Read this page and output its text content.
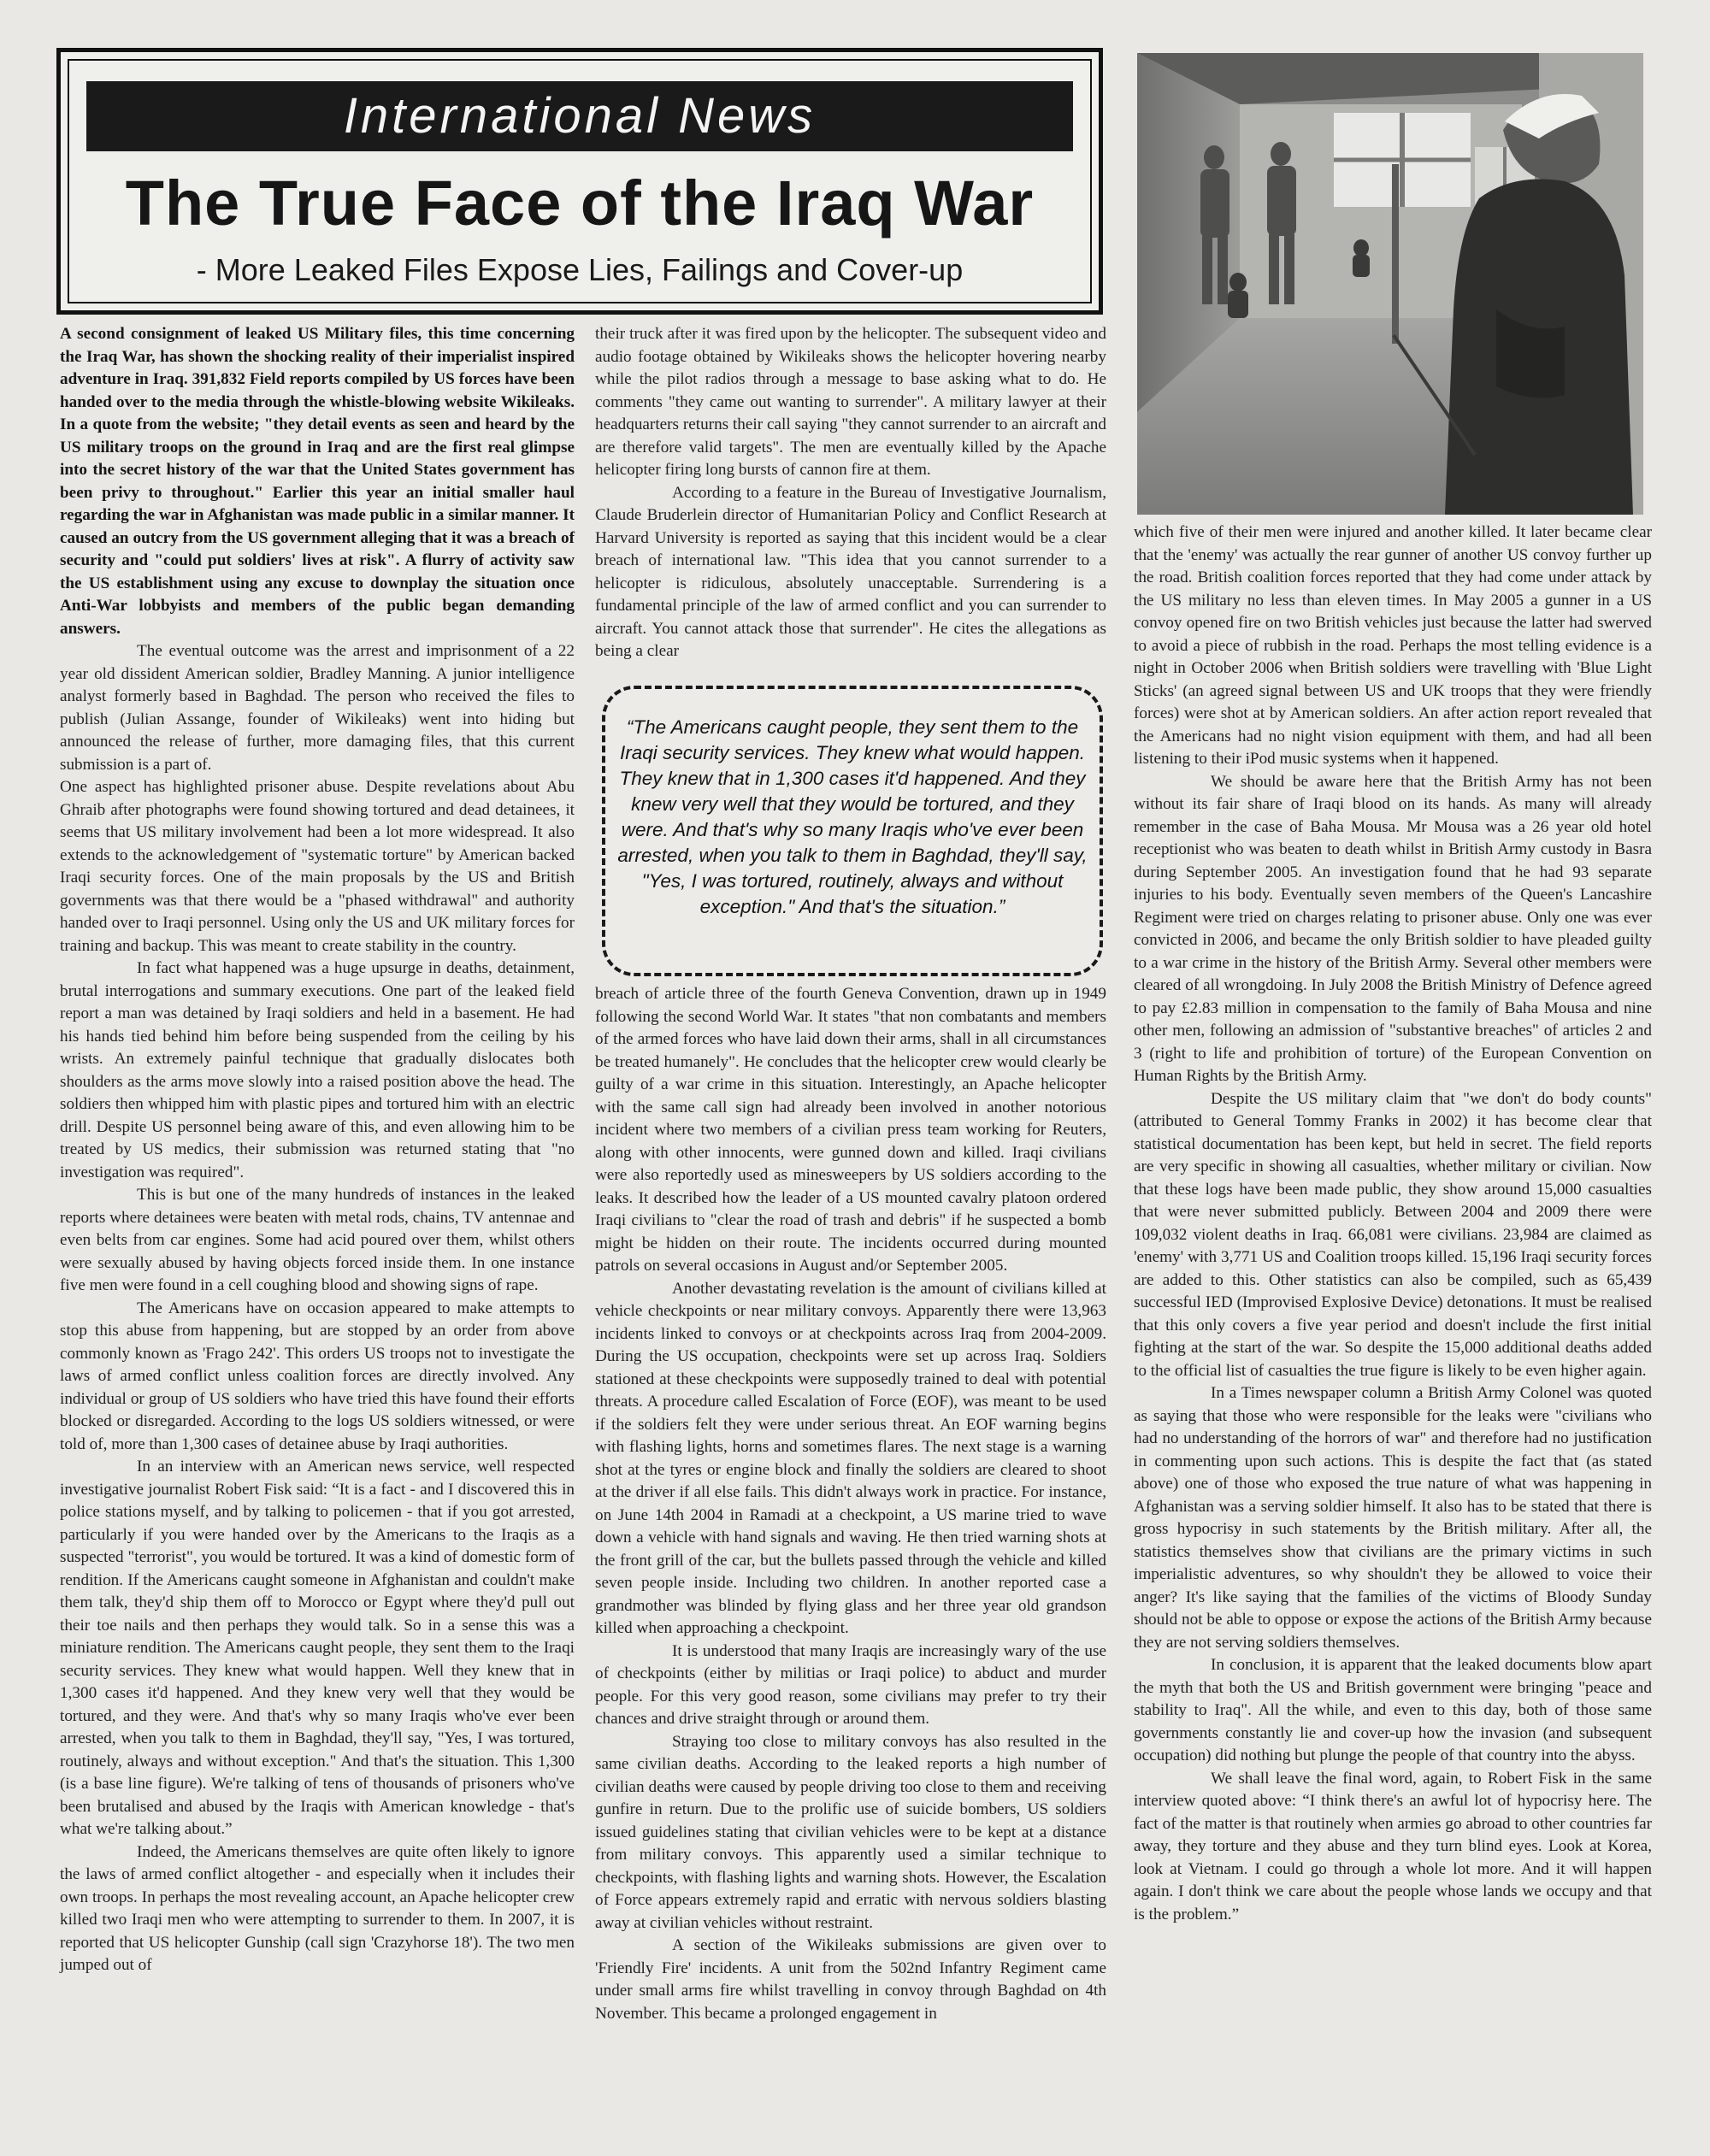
International News
The True Face of the Iraq War
- More Leaked Files Expose Lies, Failings and Cover-up

A second consignment of leaked US Military files, this time concerning the Iraq War, has shown the shocking reality of their imperialist inspired adventure in Iraq. 391,832 Field reports compiled by US forces have been handed over to the media through the whistle-blowing website Wikileaks. In a quote from the website; "they detail events as seen and heard by the US military troops on the ground in Iraq and are the first real glimpse into the secret history of the war that the United States government has been privy to throughout." Earlier this year an initial smaller haul regarding the war in Afghanistan was made public in a similar manner. It caused an outcry from the US government alleging that it was a breach of security and "could put soldiers' lives at risk". A flurry of activity saw the US establishment using any excuse to downplay the situation once Anti-War lobbyists and members of the public began demanding answers.

The eventual outcome was the arrest and imprisonment of a 22 year old dissident American soldier, Bradley Manning. A junior intelligence analyst formerly based in Baghdad. The person who received the files to publish (Julian Assange, founder of Wikileaks) went into hiding but announced the release of further, more damaging files, that this current submission is a part of.

One aspect has highlighted prisoner abuse. Despite revelations about Abu Ghraib after photographs were found showing tortured and dead detainees, it seems that US military involvement had been a lot more widespread. It also extends to the acknowledgement of "systematic torture" by American backed Iraqi security forces. One of the main proposals by the US and British governments was that there would be a "phased withdrawal" and authority handed over to Iraqi personnel. Using only the US and UK military forces for training and backup. This was meant to create stability in the country.

In fact what happened was a huge upsurge in deaths, detainment, brutal interrogations and summary executions. One part of the leaked field report a man was detained by Iraqi soldiers and held in a basement. He had his hands tied behind him before being suspended from the ceiling by his wrists. An extremely painful technique that gradually dislocates both shoulders as the arms move slowly into a raised position above the head. The soldiers then whipped him with plastic pipes and tortured him with an electric drill. Despite US personnel being aware of this, and even allowing him to be treated by US medics, their submission was returned stating that "no investigation was required".

This is but one of the many hundreds of instances in the leaked reports where detainees were beaten with metal rods, chains, TV antennae and even belts from car engines. Some had acid poured over them, whilst others were sexually abused by having objects forced inside them. In one instance five men were found in a cell coughing blood and showing signs of rape.

The Americans have on occasion appeared to make attempts to stop this abuse from happening, but are stopped by an order from above commonly known as 'Frago 242'. This orders US troops not to investigate the laws of armed conflict unless coalition forces are directly involved. Any individual or group of US soldiers who have tried this have found their efforts blocked or disregarded. According to the logs US soldiers witnessed, or were told of, more than 1,300 cases of detainee abuse by Iraqi authorities.

In an interview with an American news service, well respected investigative journalist Robert Fisk said: “It is a fact - and I discovered this in police stations myself, and by talking to policemen - that if you got arrested, particularly if you were handed over by the Americans to the Iraqis as a suspected "terrorist", you would be tortured. It was a kind of domestic form of rendition. If the Americans caught someone in Afghanistan and couldn't make them talk, they'd ship them off to Morocco or Egypt where they'd pull out their toe nails and then perhaps they would talk. So in a sense this was a miniature rendition. The Americans caught people, they sent them to the Iraqi security services. They knew what would happen. Well they knew that in 1,300 cases it'd happened. And they knew very well that they would be tortured, and they were. And that's why so many Iraqis who've ever been arrested, when you talk to them in Baghdad, they'll say, "Yes, I was tortured, routinely, always and without exception." And that's the situation. This 1,300 (is a base line figure). We're talking of tens of thousands of prisoners who've been brutalised and abused by the Iraqis with American knowledge - that's what we're talking about.”

Indeed, the Americans themselves are quite often likely to ignore the laws of armed conflict altogether - and especially when it includes their own troops. In perhaps the most revealing account, an Apache helicopter crew killed two Iraqi men who were attempting to surrender to them. In 2007, it is reported that US helicopter Gunship (call sign 'Crazyhorse 18'). The two men jumped out of

their truck after it was fired upon by the helicopter. The subsequent video and audio footage obtained by Wikileaks shows the helicopter hovering nearby while the pilot radios through a message to base asking what to do. He comments "they came out wanting to surrender". A military lawyer at their headquarters returns their call saying "they cannot surrender to an aircraft and are therefore valid targets". The men are eventually killed by the Apache helicopter firing long bursts of cannon fire at them.

According to a feature in the Bureau of Investigative Journalism, Claude Bruderlein director of Humanitarian Policy and Conflict Research at Harvard University is reported as saying that this incident would be a clear breach of international law. "This idea that you cannot surrender to a helicopter is ridiculous, absolutely unacceptable. Surrendering is a fundamental principle of the law of armed conflict and you can surrender to aircraft. You cannot attack those that surrender". He cites the allegations as being a clear

“The Americans caught people, they sent them to the Iraqi security services. They knew what would happen. They knew that in 1,300 cases it'd happened. And they knew very well that they would be tortured, and they were. And that's why so many Iraqis who've ever been arrested, when you talk to them in Baghdad, they'll say, "Yes, I was tortured, routinely, always and without exception." And that's the situation.”

breach of article three of the fourth Geneva Convention, drawn up in 1949 following the second World War. It states "that non combatants and members of the armed forces who have laid down their arms, shall in all circumstances be treated humanely". He concludes that the helicopter crew would clearly be guilty of a war crime in this situation. Interestingly, an Apache helicopter with the same call sign had already been involved in another notorious incident where two members of a civilian press team working for Reuters, along with other innocents, were gunned down and killed. Iraqi civilians were also reportedly used as minesweepers by US soldiers according to the leaks. It described how the leader of a US mounted cavalry platoon ordered Iraqi civilians to "clear the road of trash and debris" if he suspected a bomb might be hidden on their route. The incidents occurred during mounted patrols on several occasions in August and/or September 2005.

Another devastating revelation is the amount of civilians killed at vehicle checkpoints or near military convoys. Apparently there were 13,963 incidents linked to convoys or at checkpoints across Iraq from 2004-2009. During the US occupation, checkpoints were set up across Iraq. Soldiers stationed at these checkpoints were supposedly trained to deal with potential threats. A procedure called Escalation of Force (EOF), was meant to be used if the soldiers felt they were under serious threat. An EOF warning begins with flashing lights, horns and sometimes flares. The next stage is a warning shot at the tyres or engine block and finally the soldiers are cleared to shoot at the driver if all else fails. This didn't always work in practice. For instance, on June 14th 2004 in Ramadi at a checkpoint, a US marine tried to wave down a vehicle with hand signals and waving. He then tried warning shots at the front grill of the car, but the bullets passed through the vehicle and killed seven people inside. Including two children. In another reported case a grandmother was blinded by flying glass and her three year old grandson killed when approaching a checkpoint.

It is understood that many Iraqis are increasingly wary of the use of checkpoints (either by militias or Iraqi police) to abduct and murder people. For this very good reason, some civilians may prefer to try their chances and drive straight through or around them.

Straying too close to military convoys has also resulted in the same civilian deaths. According to the leaked reports a high number of civilian deaths were caused by people driving too close to them and receiving gunfire in return. Due to the prolific use of suicide bombers, US soldiers issued guidelines stating that civilian vehicles were to be kept at a distance from military convoys. This apparently used a similar technique to checkpoints, with flashing lights and warning shots. However, the Escalation of Force appears extremely rapid and erratic with nervous soldiers blasting away at civilian vehicles without restraint.

A section of the Wikileaks submissions are given over to 'Friendly Fire' incidents. A unit from the 502nd Infantry Regiment came under small arms fire whilst travelling in convoy through Baghdad on 4th November. This became a prolonged engagement in

which five of their men were injured and another killed. It later became clear that the 'enemy' was actually the rear gunner of another US convoy further up the road. British coalition forces reported that they had come under attack by the US military no less than eleven times. In May 2005 a gunner in a US convoy opened fire on two British vehicles just because the latter had swerved to avoid a piece of rubbish in the road. Perhaps the most telling evidence is a night in October 2006 when British soldiers were travelling with 'Blue Light Sticks' (an agreed signal between US and UK troops that they were friendly forces) were shot at by American soldiers. An after action report revealed that the Americans had no night vision equipment with them, and had all been listening to their iPod music systems when it happened.

We should be aware here that the British Army has not been without its fair share of Iraqi blood on its hands. As many will already remember in the case of Baha Mousa. Mr Mousa was a 26 year old hotel receptionist who was beaten to death whilst in British Army custody in Basra during September 2005. An investigation found that he had 93 separate injuries to his body. Eventually seven members of the Queen's Lancashire Regiment were tried on charges relating to prisoner abuse. Only one was ever convicted in 2006, and became the only British soldier to have pleaded guilty to a war crime in the history of the British Army. Several other members were cleared of all wrongdoing. In July 2008 the British Ministry of Defence agreed to pay £2.83 million in compensation to the family of Baha Mousa and nine other men, following an admission of "substantive breaches" of articles 2 and 3 (right to life and prohibition of torture) of the European Convention on Human Rights by the British Army.

Despite the US military claim that "we don't do body counts" (attributed to General Tommy Franks in 2002) it has become clear that statistical documentation has been kept, but held in secret. The field reports are very specific in showing all casualties, whether military or civilian. Now that these logs have been made public, they show around 15,000 casualties that were never submitted publicly. Between 2004 and 2009 there were 109,032 violent deaths in Iraq. 66,081 were civilians. 23,984 are claimed as 'enemy' with 3,771 US and Coalition troops killed. 15,196 Iraqi security forces are added to this. Other statistics can also be compiled, such as 65,439 successful IED (Improvised Explosive Device) detonations. It must be realised that this only covers a five year period and doesn't include the first initial fighting at the start of the war. So despite the 15,000 additional deaths added to the official list of casualties the true figure is likely to be even higher again.

In a Times newspaper column a British Army Colonel was quoted as saying that those who were responsible for the leaks were "civilians who had no understanding of the horrors of war" and therefore had no justification in commenting upon such actions. This is despite the fact that (as stated above) one of those who exposed the true nature of what was happening in Afghanistan was a serving soldier himself. It also has to be stated that there is gross hypocrisy in such statements by the British military. After all, the statistics themselves show that civilians are the primary victims in such imperialistic adventures, so why shouldn't they be allowed to voice their anger? It's like saying that the families of the victims of Bloody Sunday should not be able to oppose or expose the actions of the British Army because they are not serving soldiers themselves.

In conclusion, it is apparent that the leaked documents blow apart the myth that both the US and British government were bringing "peace and stability to Iraq". All the while, and even to this day, both of those same governments constantly lie and cover-up how the invasion (and subsequent occupation) did nothing but plunge the people of that country into the abyss.

We shall leave the final word, again, to Robert Fisk in the same interview quoted above: “I think there's an awful lot of hypocrisy here. The fact of the matter is that routinely when armies go abroad to other countries far away, they torture and they abuse and they turn blind eyes. Look at Korea, look at Vietnam. I could go through a whole lot more. And it will happen again. I don't think we care about the people whose lands we occupy and that is the problem.”
